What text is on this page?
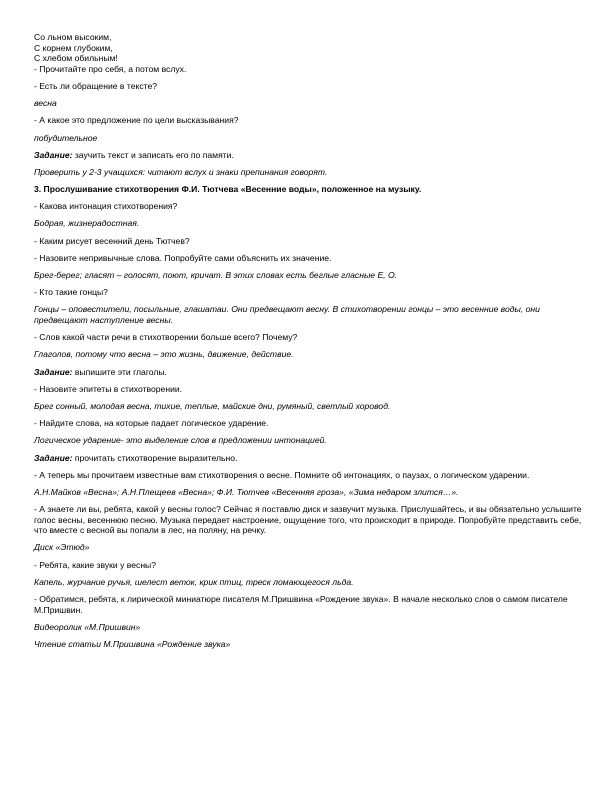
Со льном высоким,

С корнем глубоким,

С хлебом обильным!

- Прочитайте про себя, а потом вслух.

- Есть ли обращение в тексте?

весна

- А какое это предложение по цели высказывания?

побудительное

Задание: заучить текст и записать его по памяти.

Проверить у 2-3 учащихся: читают вслух и знаки препинания говорят.

3. Прослушивание стихотворения Ф.И. Тютчева «Весенние воды», положенное на музыку.

- Какова интонация стихотворения?

Бодрая, жизнерадостная.

- Каким рисует весенний день Тютчев?

- Назовите непривычные слова. Попробуйте сами объяснить их значение.

Брег-берег; гласят – голосят, поют, кричат. В этих словах есть беглые гласные Е, О.

- Кто такие гонцы?

Гонцы – оповестители, посыльные, глашатаи. Они предвещают весну. В стихотворении гонцы – это весенние воды, они предвещают наступление весны.

- Слов какой части речи в стихотворении больше всего? Почему?

Глаголов, потому что весна – это жизнь, движение, действие.

Задание: выпишите эти глаголы.

- Назовите эпитеты в стихотворении.

Брег сонный, молодая весна, тихие, теплые, майские дни, румяный, светлый хоровод.

- Найдите слова, на которые падает логическое ударение.

Логическое ударение- это выделение слов в предложении интонацией.

Задание: прочитать стихотворение выразительно.

- А теперь мы прочитаем известные вам стихотворения о весне. Помните об интонациях, о паузах, о логическом ударении.

А.Н.Майков «Весна»; А.Н.Плещеев «Весна»; Ф.И. Тютчев «Весенняя гроза», «Зима недаром злится…».

- А знаете ли вы, ребята, какой у весны голос? Сейчас я поставлю диск и зазвучит музыка. Прислушайтесь, и вы обязательно услышите голос весны, весеннюю песню. Музыка передает настроение, ощущение того, что происходит в природе. Попробуйте представить себе, что вместе с весной вы попали в лес, на поляну, на речку.

Диск «Этюд»

- Ребята, какие звуки у весны?

Капель, журчание ручья, шелест веток, крик птиц, треск ломающегося льда.

- Обратимся, ребята, к лирической миниатюре писателя М.Пришвина «Рождение звука». В начале несколько слов о самом писателе М.Пришвин.

Видеоролик «М.Пришвин»

Чтение статьи М.Пришвина «Рождение звука»
